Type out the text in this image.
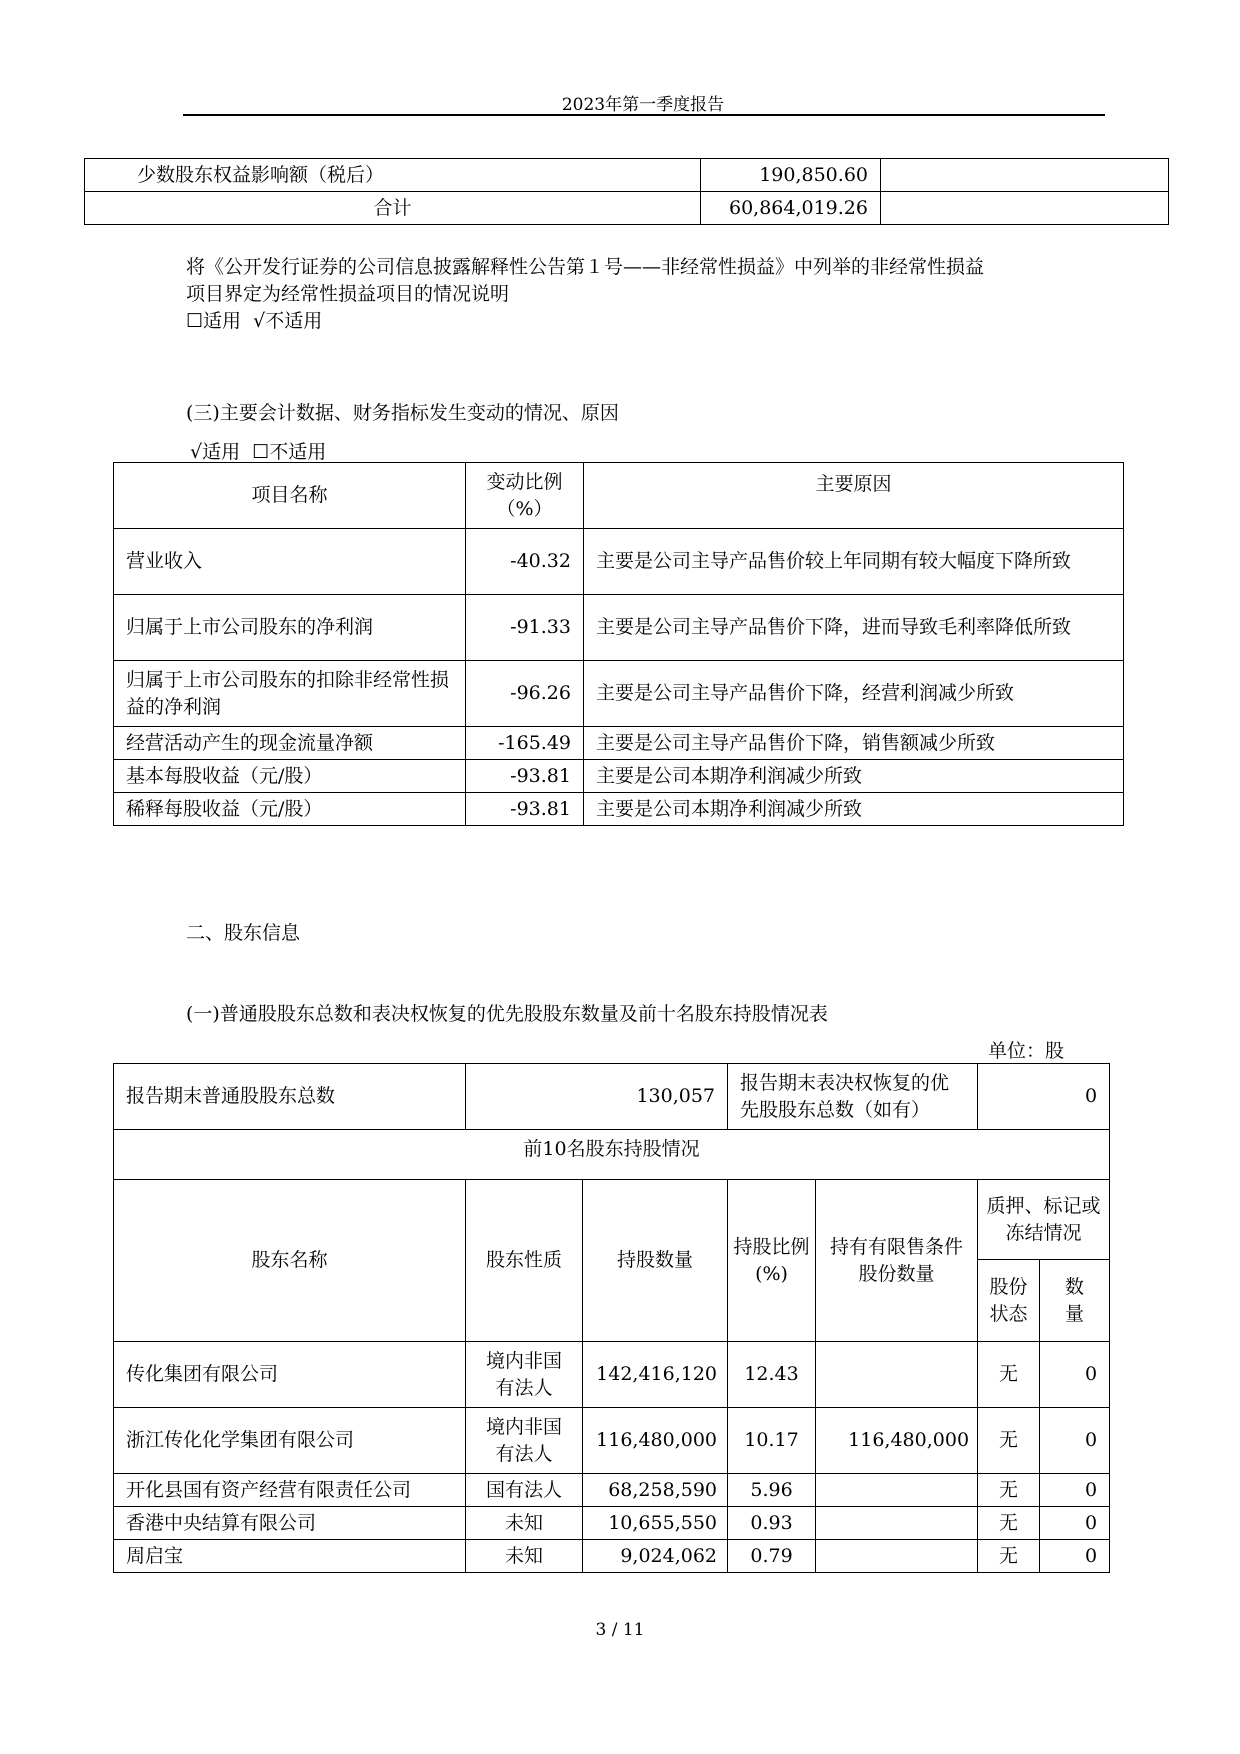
2023年第一季度报告
少数股东权益影响额（税后）	190,850.60	
合计	60,864,019.26	
将《公开发行证券的公司信息披露解释性公告第１号——非经常性损益》中列举的非经常性损益
项目界定为经常性损益项目的情况说明
☐适用  √不适用
(三)主要会计数据、财务指标发生变动的情况、原因
√适用  ☐不适用
项目名称	变动比例（%）	主要原因
营业收入	-40.32	主要是公司主导产品售价较上年同期有较大幅度下降所致
归属于上市公司股东的净利润	-91.33	主要是公司主导产品售价下降，进而导致毛利率降低所致
归属于上市公司股东的扣除非经常性损益的净利润	-96.26	主要是公司主导产品售价下降，经营利润减少所致
经营活动产生的现金流量净额	-165.49	主要是公司主导产品售价下降，销售额减少所致
基本每股收益（元/股）	-93.81	主要是公司本期净利润减少所致
稀释每股收益（元/股）	-93.81	主要是公司本期净利润减少所致
二、股东信息
(一)普通股股东总数和表决权恢复的优先股股东数量及前十名股东持股情况表
单位：股
报告期末普通股股东总数	130,057		报告期末表决权恢复的优先股股东总数（如有）		0	
前10名股东持股情况						
股东名称	股东性质	持股数量	持股比例(%)	持有有限售条件股份数量	质押、标记或冻结情况	
					股份状态	数量
传化集团有限公司	境内非国有法人	142,416,120	12.43		无	0
浙江传化化学集团有限公司	境内非国有法人	116,480,000	10.17	116,480,000	无	0
开化县国有资产经营有限责任公司	国有法人	68,258,590	5.96		无	0
香港中央结算有限公司	未知	10,655,550	0.93		无	0
周启宝	未知	9,024,062	0.79		无	0
3 / 11
